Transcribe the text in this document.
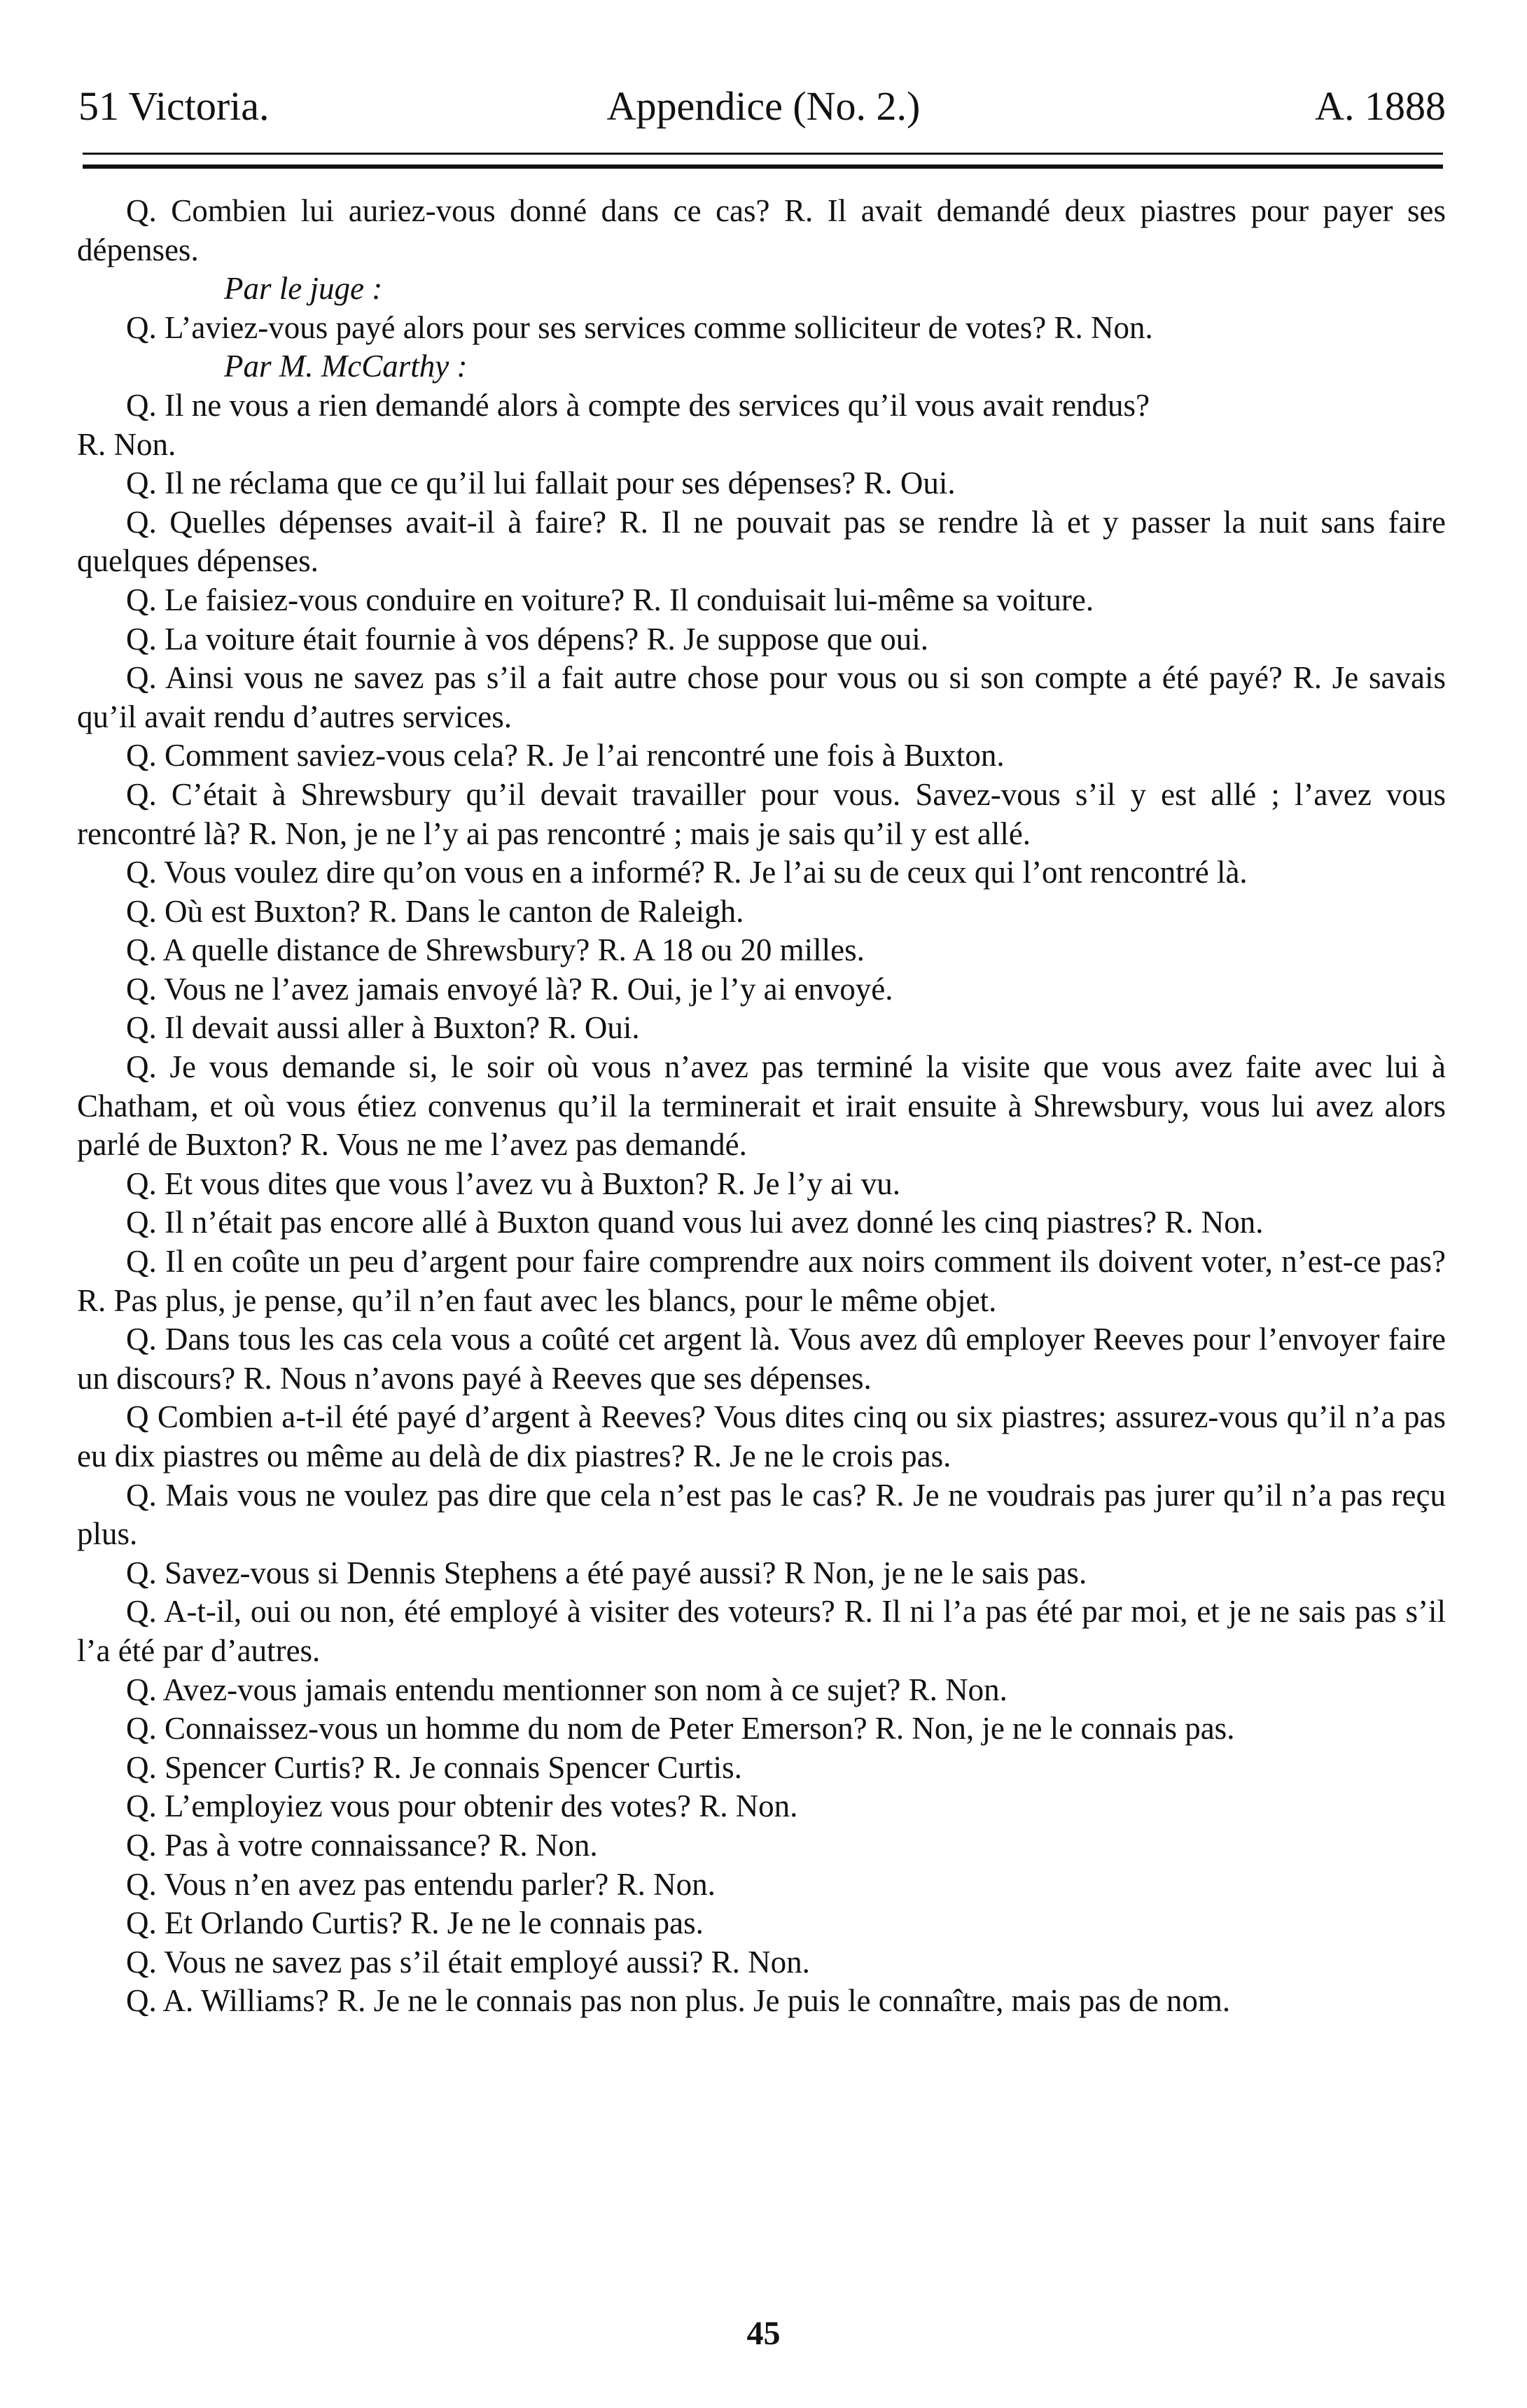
51 Victoria.	Appendice (No. 2.)	A. 1888

Q. Combien lui auriez-vous donné dans ce cas? R. Il avait demandé deux piastres pour payer ses dépenses.

Par le juge :

Q. L’aviez-vous payé alors pour ses services comme solliciteur de votes? R. Non.

Par M. McCarthy :

Q. Il ne vous a rien demandé alors à compte des services qu’il vous avait rendus?

R. Non.

Q. Il ne réclama que ce qu’il lui fallait pour ses dépenses? R. Oui.

Q. Quelles dépenses avait-il à faire? R. Il ne pouvait pas se rendre là et y passer la nuit sans faire quelques dépenses.

Q. Le faisiez-vous conduire en voiture? R. Il conduisait lui-même sa voiture.

Q. La voiture était fournie à vos dépens? R. Je suppose que oui.

Q. Ainsi vous ne savez pas s’il a fait autre chose pour vous ou si son compte a été payé? R. Je savais qu’il avait rendu d’autres services.

Q. Comment saviez-vous cela? R. Je l’ai rencontré une fois à Buxton.

Q. C’était à Shrewsbury qu’il devait travailler pour vous. Savez-vous s’il y est allé ; l’avez vous rencontré là? R. Non, je ne l’y ai pas rencontré ; mais je sais qu’il y est allé.

Q. Vous voulez dire qu’on vous en a informé? R. Je l’ai su de ceux qui l’ont rencontré là.

Q. Où est Buxton? R. Dans le canton de Raleigh.

Q. A quelle distance de Shrewsbury? R. A 18 ou 20 milles.

Q. Vous ne l’avez jamais envoyé là? R. Oui, je l’y ai envoyé.

Q. Il devait aussi aller à Buxton? R. Oui.

Q. Je vous demande si, le soir où vous n’avez pas terminé la visite que vous avez faite avec lui à Chatham, et où vous étiez convenus qu’il la terminerait et irait ensuite à Shrewsbury, vous lui avez alors parlé de Buxton? R. Vous ne me l’avez pas demandé.

Q. Et vous dites que vous l’avez vu à Buxton? R. Je l’y ai vu.

Q. Il n’était pas encore allé à Buxton quand vous lui avez donné les cinq piastres? R. Non.

Q. Il en coûte un peu d’argent pour faire comprendre aux noirs comment ils doivent voter, n’est-ce pas? R. Pas plus, je pense, qu’il n’en faut avec les blancs, pour le même objet.

Q. Dans tous les cas cela vous a coûté cet argent là. Vous avez dû employer Reeves pour l’envoyer faire un discours? R. Nous n’avons payé à Reeves que ses dépenses.

Q Combien a-t-il été payé d’argent à Reeves? Vous dites cinq ou six piastres; assurez-vous qu’il n’a pas eu dix piastres ou même au delà de dix piastres? R. Je ne le crois pas.

Q. Mais vous ne voulez pas dire que cela n’est pas le cas? R. Je ne voudrais pas jurer qu’il n’a pas reçu plus.

Q. Savez-vous si Dennis Stephens a été payé aussi? R Non, je ne le sais pas.

Q. A-t-il, oui ou non, été employé à visiter des voteurs? R. Il ni l’a pas été par moi, et je ne sais pas s’il l’a été par d’autres.

Q. Avez-vous jamais entendu mentionner son nom à ce sujet? R. Non.

Q. Connaissez-vous un homme du nom de Peter Emerson? R. Non, je ne le connais pas.

Q. Spencer Curtis? R. Je connais Spencer Curtis.

Q. L’employiez vous pour obtenir des votes? R. Non.

Q. Pas à votre connaissance? R. Non.

Q. Vous n’en avez pas entendu parler? R. Non.

Q. Et Orlando Curtis? R. Je ne le connais pas.

Q. Vous ne savez pas s’il était employé aussi? R. Non.

Q. A. Williams? R. Je ne le connais pas non plus. Je puis le connaître, mais pas de nom.

45
